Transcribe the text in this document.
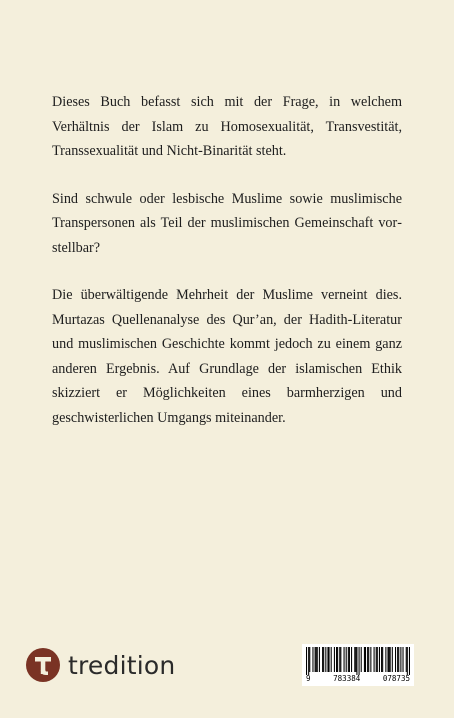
Dieses Buch befasst sich mit der Frage, in welchem Verhältnis der Islam zu Homosexualität, Transvestität, Transsexualität und Nicht-Binarität steht.

Sind schwule oder lesbische Muslime sowie muslimische Transpersonen als Teil der muslimischen Gemeinschaft vorstellbar?

Die überwältigende Mehrheit der Muslime verneint dies. Murtazas Quellenanalyse des Qur’an, der Hadith-Literatur und muslimischen Geschichte kommt jedoch zu einem ganz anderen Ergebnis. Auf Grundlage der islamischen Ethik skizziert er Möglichkeiten eines barmherzigen und geschwisterlichen Umgangs miteinander.

tredition	9	783384	078735
